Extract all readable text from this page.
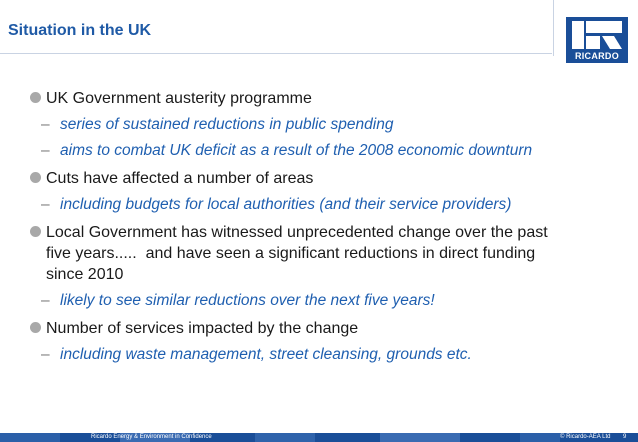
Situation in the UK
RICARDO
UK Government austerity programme
– series of sustained reductions in public spending
– aims to combat UK deficit as a result of the 2008 economic downturn
Cuts have affected a number of areas
– including budgets for local authorities (and their service providers)
Local Government has witnessed unprecedented change over the past
five years.....  and have seen a significant reductions in direct funding
since 2010
– likely to see similar reductions over the next five years!
Number of services impacted by the change
– including waste management, street cleansing, grounds etc.
Ricardo Energy & Environment in Confidence	© Ricardo-AEA Ltd 9
